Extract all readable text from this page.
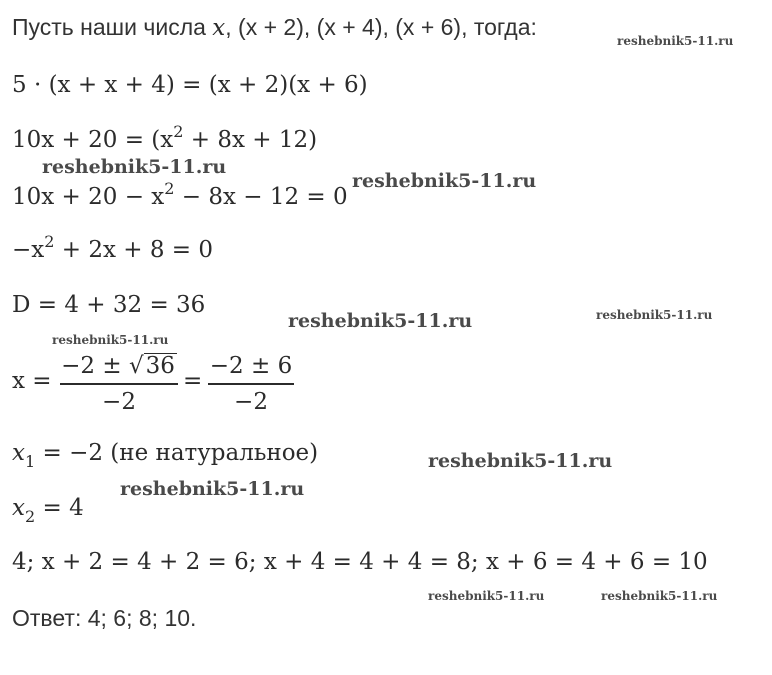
Пусть наши числа x, (x + 2), (x + 4), (x + 6), тогда:
5 · (x + x + 4) = (x + 2)(x + 6)
$10x + 20 = (x^2 + 8x + 12)$
$10x + 20 - x^2 - 8x - 12 = 0$
$-x^2 + 2x + 8 = 0$
D = 4 + 32 = 36
x =
−2 ± √36
−2
=
−2 ± 6
−2
$x_1 = -2$ (не натуральное)
$x_2 = 4$
4; x + 2 = 4 + 2 = 6; x + 4 = 4 + 4 = 8; x + 6 = 4 + 6 = 10
Ответ: 4; 6; 8; 10.
reshebnik5-11.ru
reshebnik5-11.ru
reshebnik5-11.ru
reshebnik5-11.ru	reshebnik5-11.ru
reshebnik5-11.ru
reshebnik5-11.ru
reshebnik5-11.ru
reshebnik5-11.ru	reshebnik5-11.ru
